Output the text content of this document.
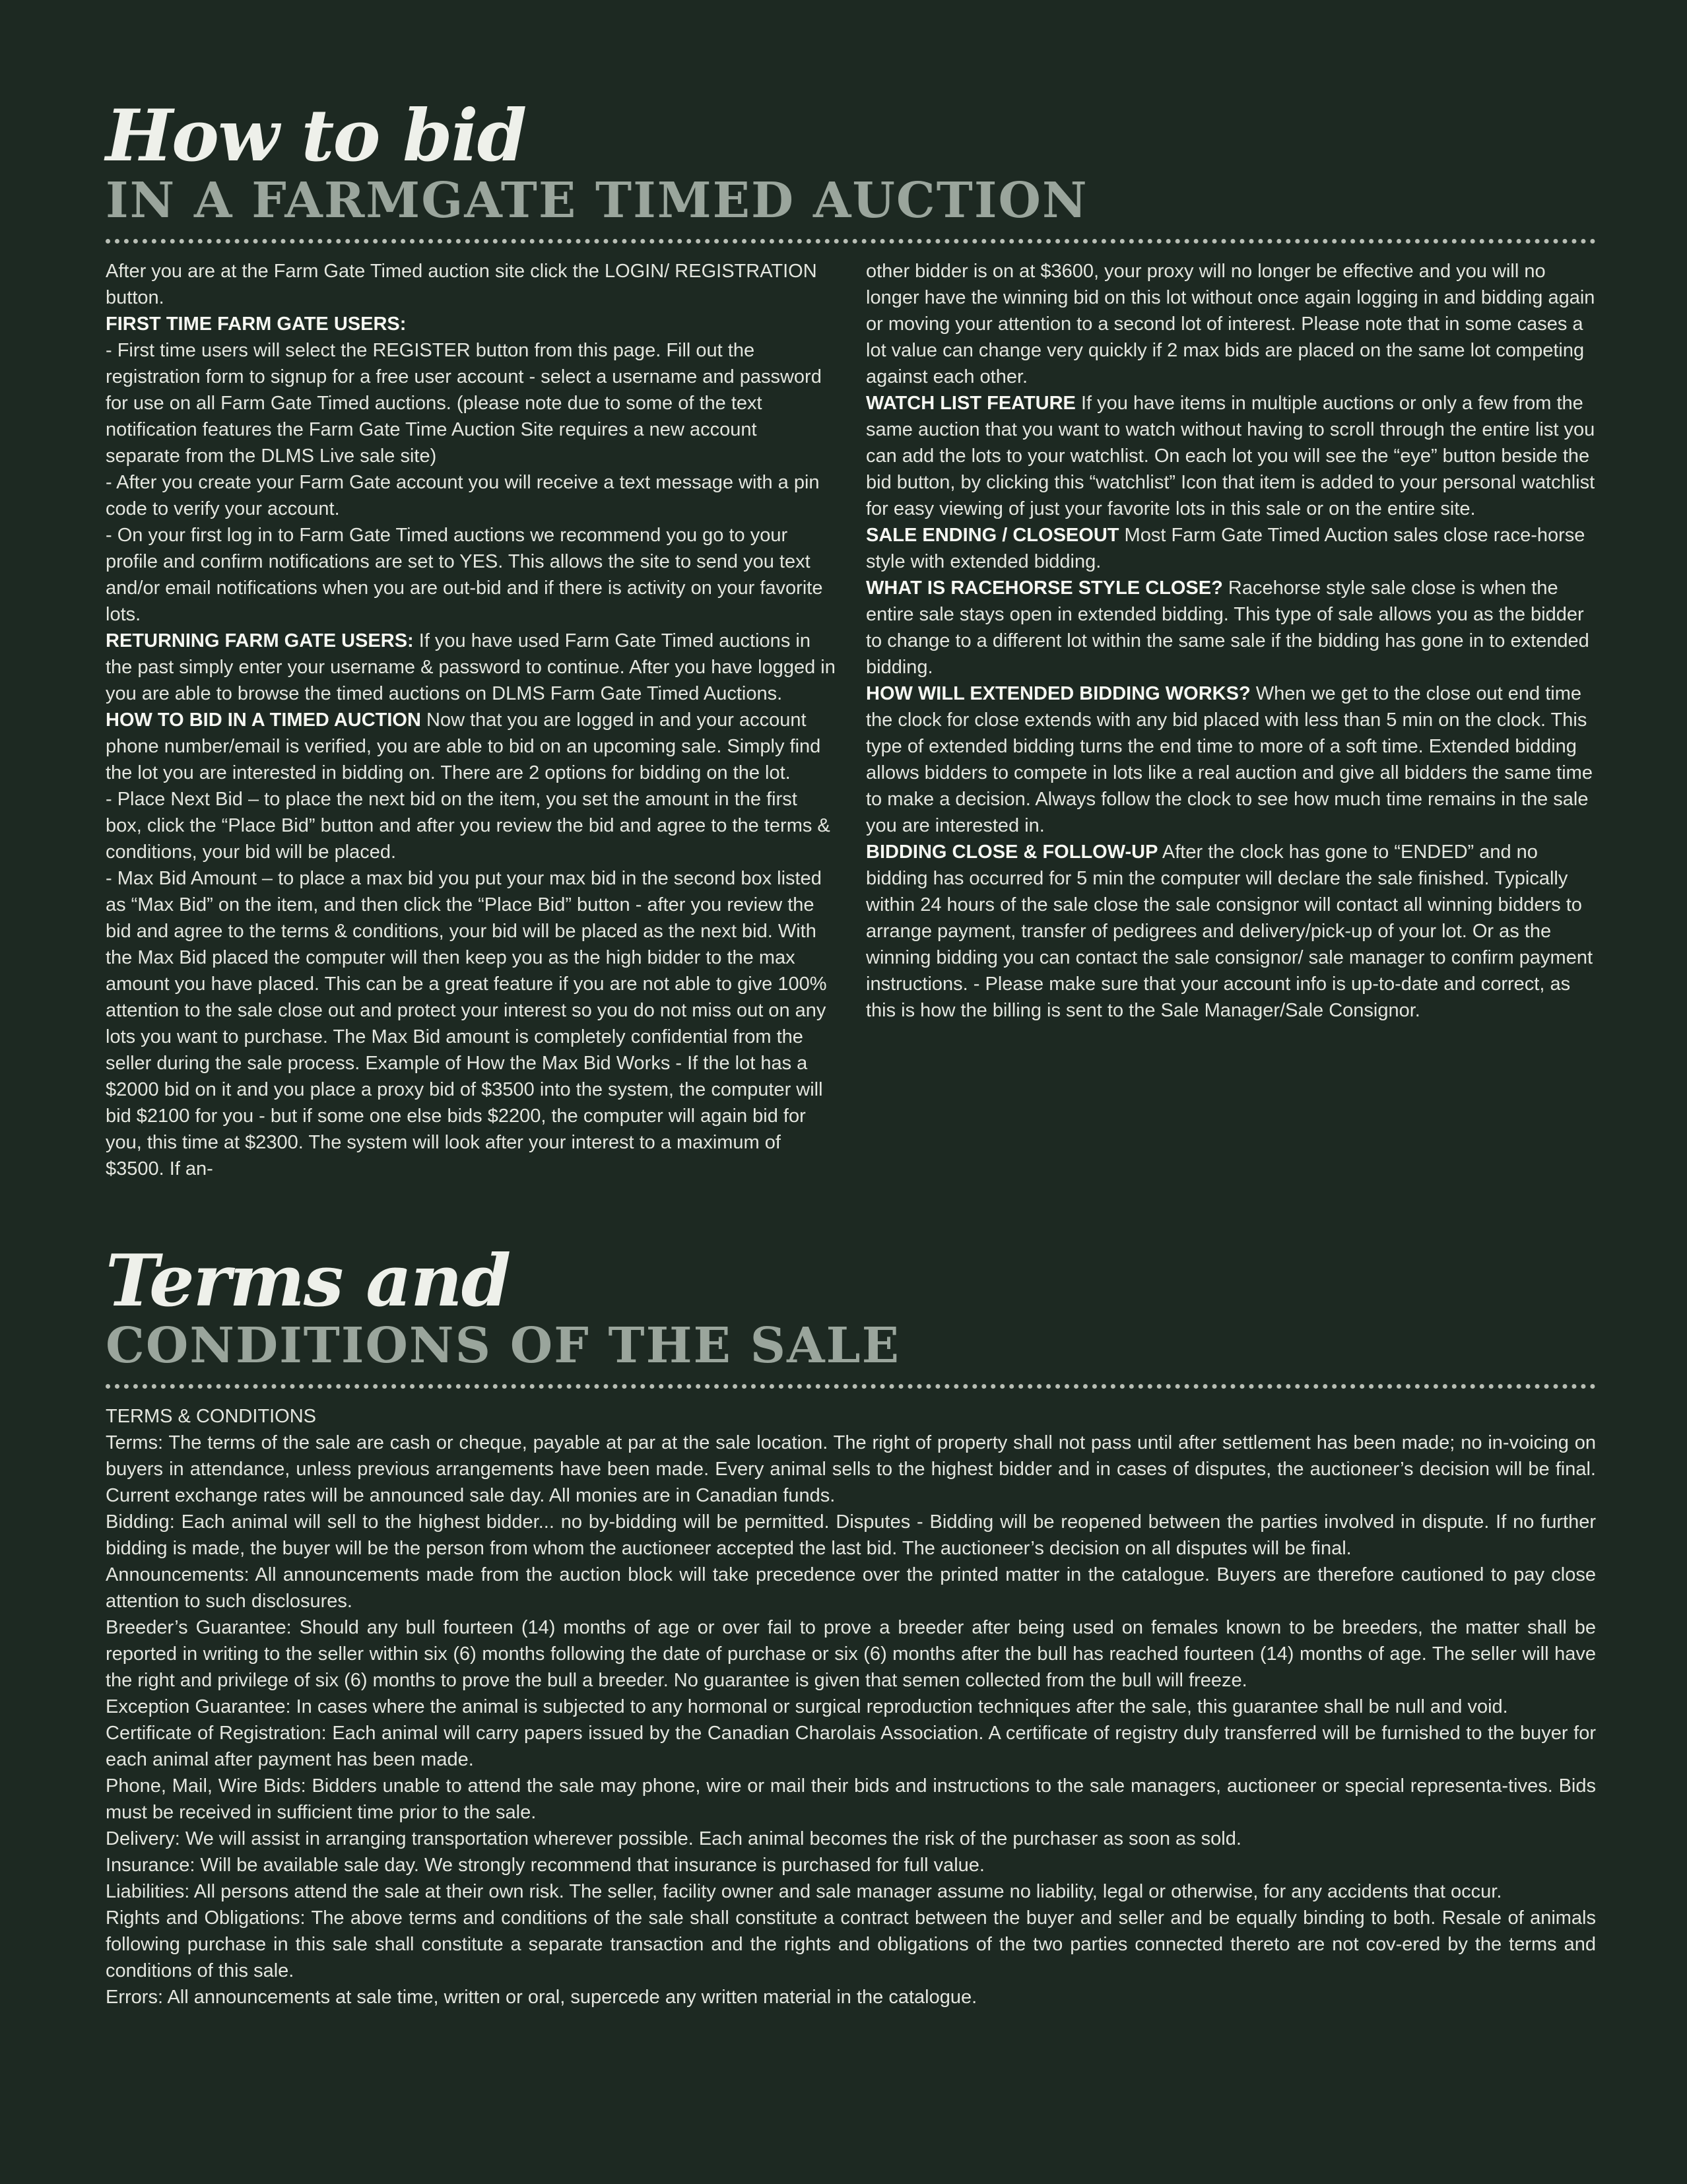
How to bid
IN A FARMGATE TIMED AUCTION

After you are at the Farm Gate Timed auction site click the LOGIN/ REGISTRATION button.

FIRST TIME FARM GATE USERS:

- First time users will select the REGISTER button from this page. Fill out the registration form to signup for a free user account - select a username and password for use on all Farm Gate Timed auctions. (please note due to some of the text notification features the Farm Gate Time Auction Site requires a new account separate from the DLMS Live sale site)

- After you create your Farm Gate account you will receive a text message with a pin code to verify your account.

- On your first log in to Farm Gate Timed auctions we recommend you go to your profile and confirm notifications are set to YES. This allows the site to send you text and/or email notifications when you are out-bid and if there is activity on your favorite lots.

RETURNING FARM GATE USERS: If you have used Farm Gate Timed auctions in the past simply enter your username & password to continue. After you have logged in you are able to browse the timed auctions on DLMS Farm Gate Timed Auctions.

HOW TO BID IN A TIMED AUCTION Now that you are logged in and your account phone number/email is verified, you are able to bid on an upcoming sale. Simply find the lot you are interested in bidding on. There are 2 options for bidding on the lot.

- Place Next Bid – to place the next bid on the item, you set the amount in the first box, click the “Place Bid” button and after you review the bid and agree to the terms & conditions, your bid will be placed.

- Max Bid Amount – to place a max bid you put your max bid in the second box listed as “Max Bid” on the item, and then click the “Place Bid” button - after you review the bid and agree to the terms & conditions, your bid will be placed as the next bid. With the Max Bid placed the computer will then keep you as the high bidder to the max amount you have placed. This can be a great feature if you are not able to give 100% attention to the sale close out and protect your interest so you do not miss out on any lots you want to purchase. The Max Bid amount is completely confidential from the seller during the sale process. Example of How the Max Bid Works - If the lot has a $2000 bid on it and you place a proxy bid of $3500 into the system, the computer will bid $2100 for you - but if some one else bids $2200, the computer will again bid for you, this time at $2300. The system will look after your interest to a maximum of $3500. If an-

other bidder is on at $3600, your proxy will no longer be effective and you will no longer have the winning bid on this lot without once again logging in and bidding again or moving your attention to a second lot of interest. Please note that in some cases a lot value can change very quickly if 2 max bids are placed on the same lot competing against each other.

WATCH LIST FEATURE If you have items in multiple auctions or only a few from the same auction that you want to watch without having to scroll through the entire list you can add the lots to your watchlist. On each lot you will see the “eye” button beside the bid button, by clicking this “watchlist” Icon that item is added to your personal watchlist for easy viewing of just your favorite lots in this sale or on the entire site.

SALE ENDING / CLOSEOUT Most Farm Gate Timed Auction sales close race-horse style with extended bidding.

WHAT IS RACEHORSE STYLE CLOSE? Racehorse style sale close is when the entire sale stays open in extended bidding. This type of sale allows you as the bidder to change to a different lot within the same sale if the bidding has gone in to extended bidding.

HOW WILL EXTENDED BIDDING WORKS? When we get to the close out end time the clock for close extends with any bid placed with less than 5 min on the clock. This type of extended bidding turns the end time to more of a soft time. Extended bidding allows bidders to compete in lots like a real auction and give all bidders the same time to make a decision. Always follow the clock to see how much time remains in the sale you are interested in.

BIDDING CLOSE & FOLLOW-UP After the clock has gone to “ENDED” and no bidding has occurred for 5 min the computer will declare the sale finished. Typically within 24 hours of the sale close the sale consignor will contact all winning bidders to arrange payment, transfer of pedigrees and delivery/pick-up of your lot. Or as the winning bidding you can contact the sale consignor/ sale manager to confirm payment instructions. - Please make sure that your account info is up-to-date and correct, as this is how the billing is sent to the Sale Manager/Sale Consignor.

Terms and
CONDITIONS OF THE SALE

TERMS & CONDITIONS

Terms: The terms of the sale are cash or cheque, payable at par at the sale location. The right of property shall not pass until after settlement has been made; no in-voicing on buyers in attendance, unless previous arrangements have been made. Every animal sells to the highest bidder and in cases of disputes, the auctioneer’s decision will be final. Current exchange rates will be announced sale day. All monies are in Canadian funds.

Bidding: Each animal will sell to the highest bidder... no by-bidding will be permitted. Disputes - Bidding will be reopened between the parties involved in dispute. If no further bidding is made, the buyer will be the person from whom the auctioneer accepted the last bid. The auctioneer’s decision on all disputes will be final.

Announcements: All announcements made from the auction block will take precedence over the printed matter in the catalogue. Buyers are therefore cautioned to pay close attention to such disclosures.

Breeder’s Guarantee: Should any bull fourteen (14) months of age or over fail to prove a breeder after being used on females known to be breeders, the matter shall be reported in writing to the seller within six (6) months following the date of purchase or six (6) months after the bull has reached fourteen (14) months of age. The seller will have the right and privilege of six (6) months to prove the bull a breeder. No guarantee is given that semen collected from the bull will freeze.

Exception Guarantee: In cases where the animal is subjected to any hormonal or surgical reproduction techniques after the sale, this guarantee shall be null and void.

Certificate of Registration: Each animal will carry papers issued by the Canadian Charolais Association. A certificate of registry duly transferred will be furnished to the buyer for each animal after payment has been made.

Phone, Mail, Wire Bids: Bidders unable to attend the sale may phone, wire or mail their bids and instructions to the sale managers, auctioneer or special representa-tives. Bids must be received in sufficient time prior to the sale.

Delivery: We will assist in arranging transportation wherever possible. Each animal becomes the risk of the purchaser as soon as sold.

Insurance: Will be available sale day. We strongly recommend that insurance is purchased for full value.

Liabilities: All persons attend the sale at their own risk. The seller, facility owner and sale manager assume no liability, legal or otherwise, for any accidents that occur.

Rights and Obligations: The above terms and conditions of the sale shall constitute a contract between the buyer and seller and be equally binding to both. Resale of animals following purchase in this sale shall constitute a separate transaction and the rights and obligations of the two parties connected thereto are not cov-ered by the terms and conditions of this sale.

Errors: All announcements at sale time, written or oral, supercede any written material in the catalogue.
